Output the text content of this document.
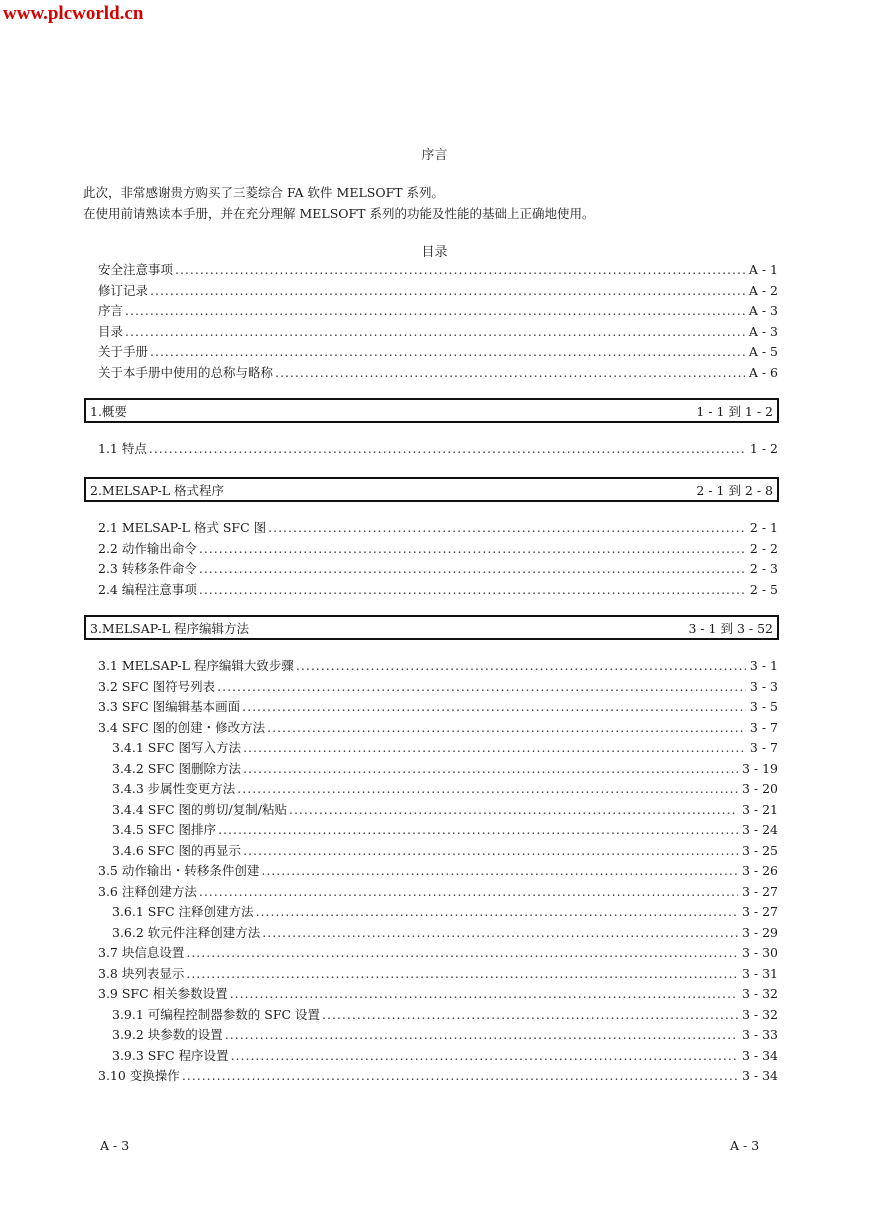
www.plcworld.cn
序言
此次，非常感谢贵方购买了三菱综合 FA 软件 MELSOFT 系列。
在使用前请熟读本手册，并在充分理解 MELSOFT 系列的功能及性能的基础上正确地使用。
目录
安全注意事项 .....	A - 1
修订记录 .....	A - 2
序言 .....	A - 3
目录 .....	A - 3
关于手册 .....	A - 5
关于本手册中使用的总称与略称 .....	A - 6
1.概要	1 - 1 到 1 - 2
1.1 特点 .....	1 - 2
2.MELSAP-L 格式程序	2 - 1 到 2 - 8
2.1 MELSAP-L 格式 SFC 图 .....	2 - 1
2.2 动作输出命令 .....	2 - 2
2.3 转移条件命令 .....	2 - 3
2.4 编程注意事项 .....	2 - 5
3.MELSAP-L 程序编辑方法	3 - 1 到 3 - 52
3.1 MELSAP-L 程序编辑大致步骤 .....	3 - 1
3.2 SFC 图符号列表 .....	3 - 3
3.3 SFC 图编辑基本画面 .....	3 - 5
3.4 SFC 图的创建・修改方法 .....	3 - 7
3.4.1 SFC 图写入方法 .....	3 - 7
3.4.2 SFC 图删除方法 .....	3 - 19
3.4.3 步属性变更方法 .....	3 - 20
3.4.4 SFC 图的剪切/复制/粘贴 .....	3 - 21
3.4.5 SFC 图排序 .....	3 - 24
3.4.6 SFC 图的再显示 .....	3 - 25
3.5 动作输出・转移条件创建 .....	3 - 26
3.6 注释创建方法 .....	3 - 27
3.6.1 SFC 注释创建方法 .....	3 - 27
3.6.2 软元件注释创建方法 .....	3 - 29
3.7 块信息设置 .....	3 - 30
3.8 块列表显示 .....	3 - 31
3.9 SFC 相关参数设置 .....	3 - 32
3.9.1 可编程控制器参数的 SFC 设置 .....	3 - 32
3.9.2 块参数的设置 .....	3 - 33
3.9.3 SFC 程序设置 .....	3 - 34
3.10 变换操作 .....	3 - 34
A - 3	A - 3
